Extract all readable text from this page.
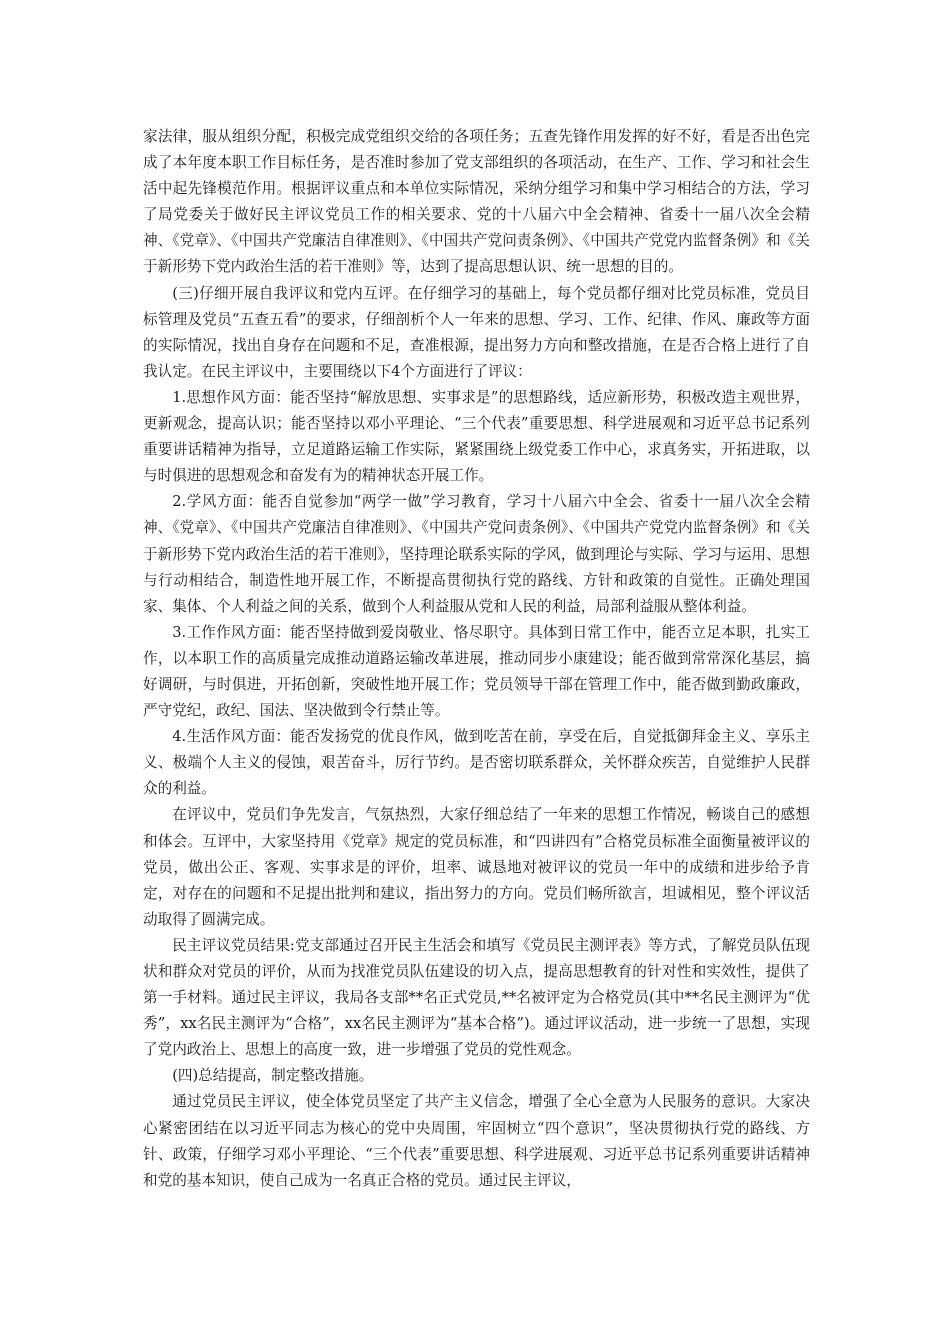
家法律，服从组织分配，积极完成党组织交给的各项任务；五查先锋作用发挥的好不好，看是否出色完成了本年度本职工作目标任务，是否准时参加了党支部组织的各项活动，在生产、工作、学习和社会生活中起先锋模范作用。根据评议重点和本单位实际情况，采纳分组学习和集中学习相结合的方法，学习了局党委关于做好民主评议党员工作的相关要求、党的十八届六中全会精神、省委十一届八次全会精神、《党章》、《中国共产党廉洁自律准则》、《中国共产党问责条例》、《中国共产党党内监督条例》和《关于新形势下党内政治生活的若干准则》等，达到了提高思想认识、统一思想的目的。

(三)仔细开展自我评议和党内互评。在仔细学习的基础上，每个党员都仔细对比党员标准，党员目标管理及党员“五查五看”的要求，仔细剖析个人一年来的思想、学习、工作、纪律、作风、廉政等方面的实际情况，找出自身存在问题和不足，查准根源，提出努力方向和整改措施，在是否合格上进行了自我认定。在民主评议中，主要围绕以下4个方面进行了评议：

1.思想作风方面：能否坚持“解放思想、实事求是”的思想路线，适应新形势，积极改造主观世界，更新观念，提高认识；能否坚持以邓小平理论、“三个代表”重要思想、科学进展观和习近平总书记系列重要讲话精神为指导，立足道路运输工作实际，紧紧围绕上级党委工作中心，求真务实，开拓进取，以与时俱进的思想观念和奋发有为的精神状态开展工作。

2.学风方面：能否自觉参加“两学一做”学习教育，学习十八届六中全会、省委十一届八次全会精神、《党章》、《中国共产党廉洁自律准则》、《中国共产党问责条例》、《中国共产党党内监督条例》和《关于新形势下党内政治生活的若干准则》，坚持理论联系实际的学风，做到理论与实际、学习与运用、思想与行动相结合，制造性地开展工作，不断提高贯彻执行党的路线、方针和政策的自觉性。正确处理国家、集体、个人利益之间的关系，做到个人利益服从党和人民的利益，局部利益服从整体利益。

3.工作作风方面：能否坚持做到爱岗敬业、恪尽职守。具体到日常工作中，能否立足本职，扎实工作，以本职工作的高质量完成推动道路运输改革进展，推动同步小康建设；能否做到常常深化基层，搞好调研，与时俱进，开拓创新，突破性地开展工作；党员领导干部在管理工作中，能否做到勤政廉政，严守党纪，政纪、国法、坚决做到令行禁止等。

4.生活作风方面：能否发扬党的优良作风，做到吃苦在前，享受在后，自觉抵御拜金主义、享乐主义、极端个人主义的侵蚀，艰苦奋斗，厉行节约。是否密切联系群众，关怀群众疾苦，自觉维护人民群众的利益。

在评议中，党员们争先发言，气氛热烈，大家仔细总结了一年来的思想工作情况，畅谈自己的感想和体会。互评中，大家坚持用《党章》规定的党员标准，和“四讲四有”合格党员标准全面衡量被评议的党员，做出公正、客观、实事求是的评价，坦率、诚恳地对被评议的党员一年中的成绩和进步给予肯定，对存在的问题和不足提出批判和建议，指出努力的方向。党员们畅所欲言，坦诚相见，整个评议活动取得了圆满完成。

民主评议党员结果:党支部通过召开民主生活会和填写《党员民主测评表》等方式，了解党员队伍现状和群众对党员的评价，从而为找准党员队伍建设的切入点，提高思想教育的针对性和实效性，提供了第一手材料。通过民主评议，我局各支部**名正式党员,**名被评定为合格党员(其中**名民主测评为“优秀”，xx名民主测评为“合格”，xx名民主测评为“基本合格”)。通过评议活动，进一步统一了思想，实现了党内政治上、思想上的高度一致，进一步增强了党员的党性观念。

(四)总结提高，制定整改措施。

通过党员民主评议，使全体党员坚定了共产主义信念，增强了全心全意为人民服务的意识。大家决心紧密团结在以习近平同志为核心的党中央周围，牢固树立“四个意识”，坚决贯彻执行党的路线、方针、政策，仔细学习邓小平理论、“三个代表”重要思想、科学进展观、习近平总书记系列重要讲话精神和党的基本知识，使自己成为一名真正合格的党员。通过民主评议，
